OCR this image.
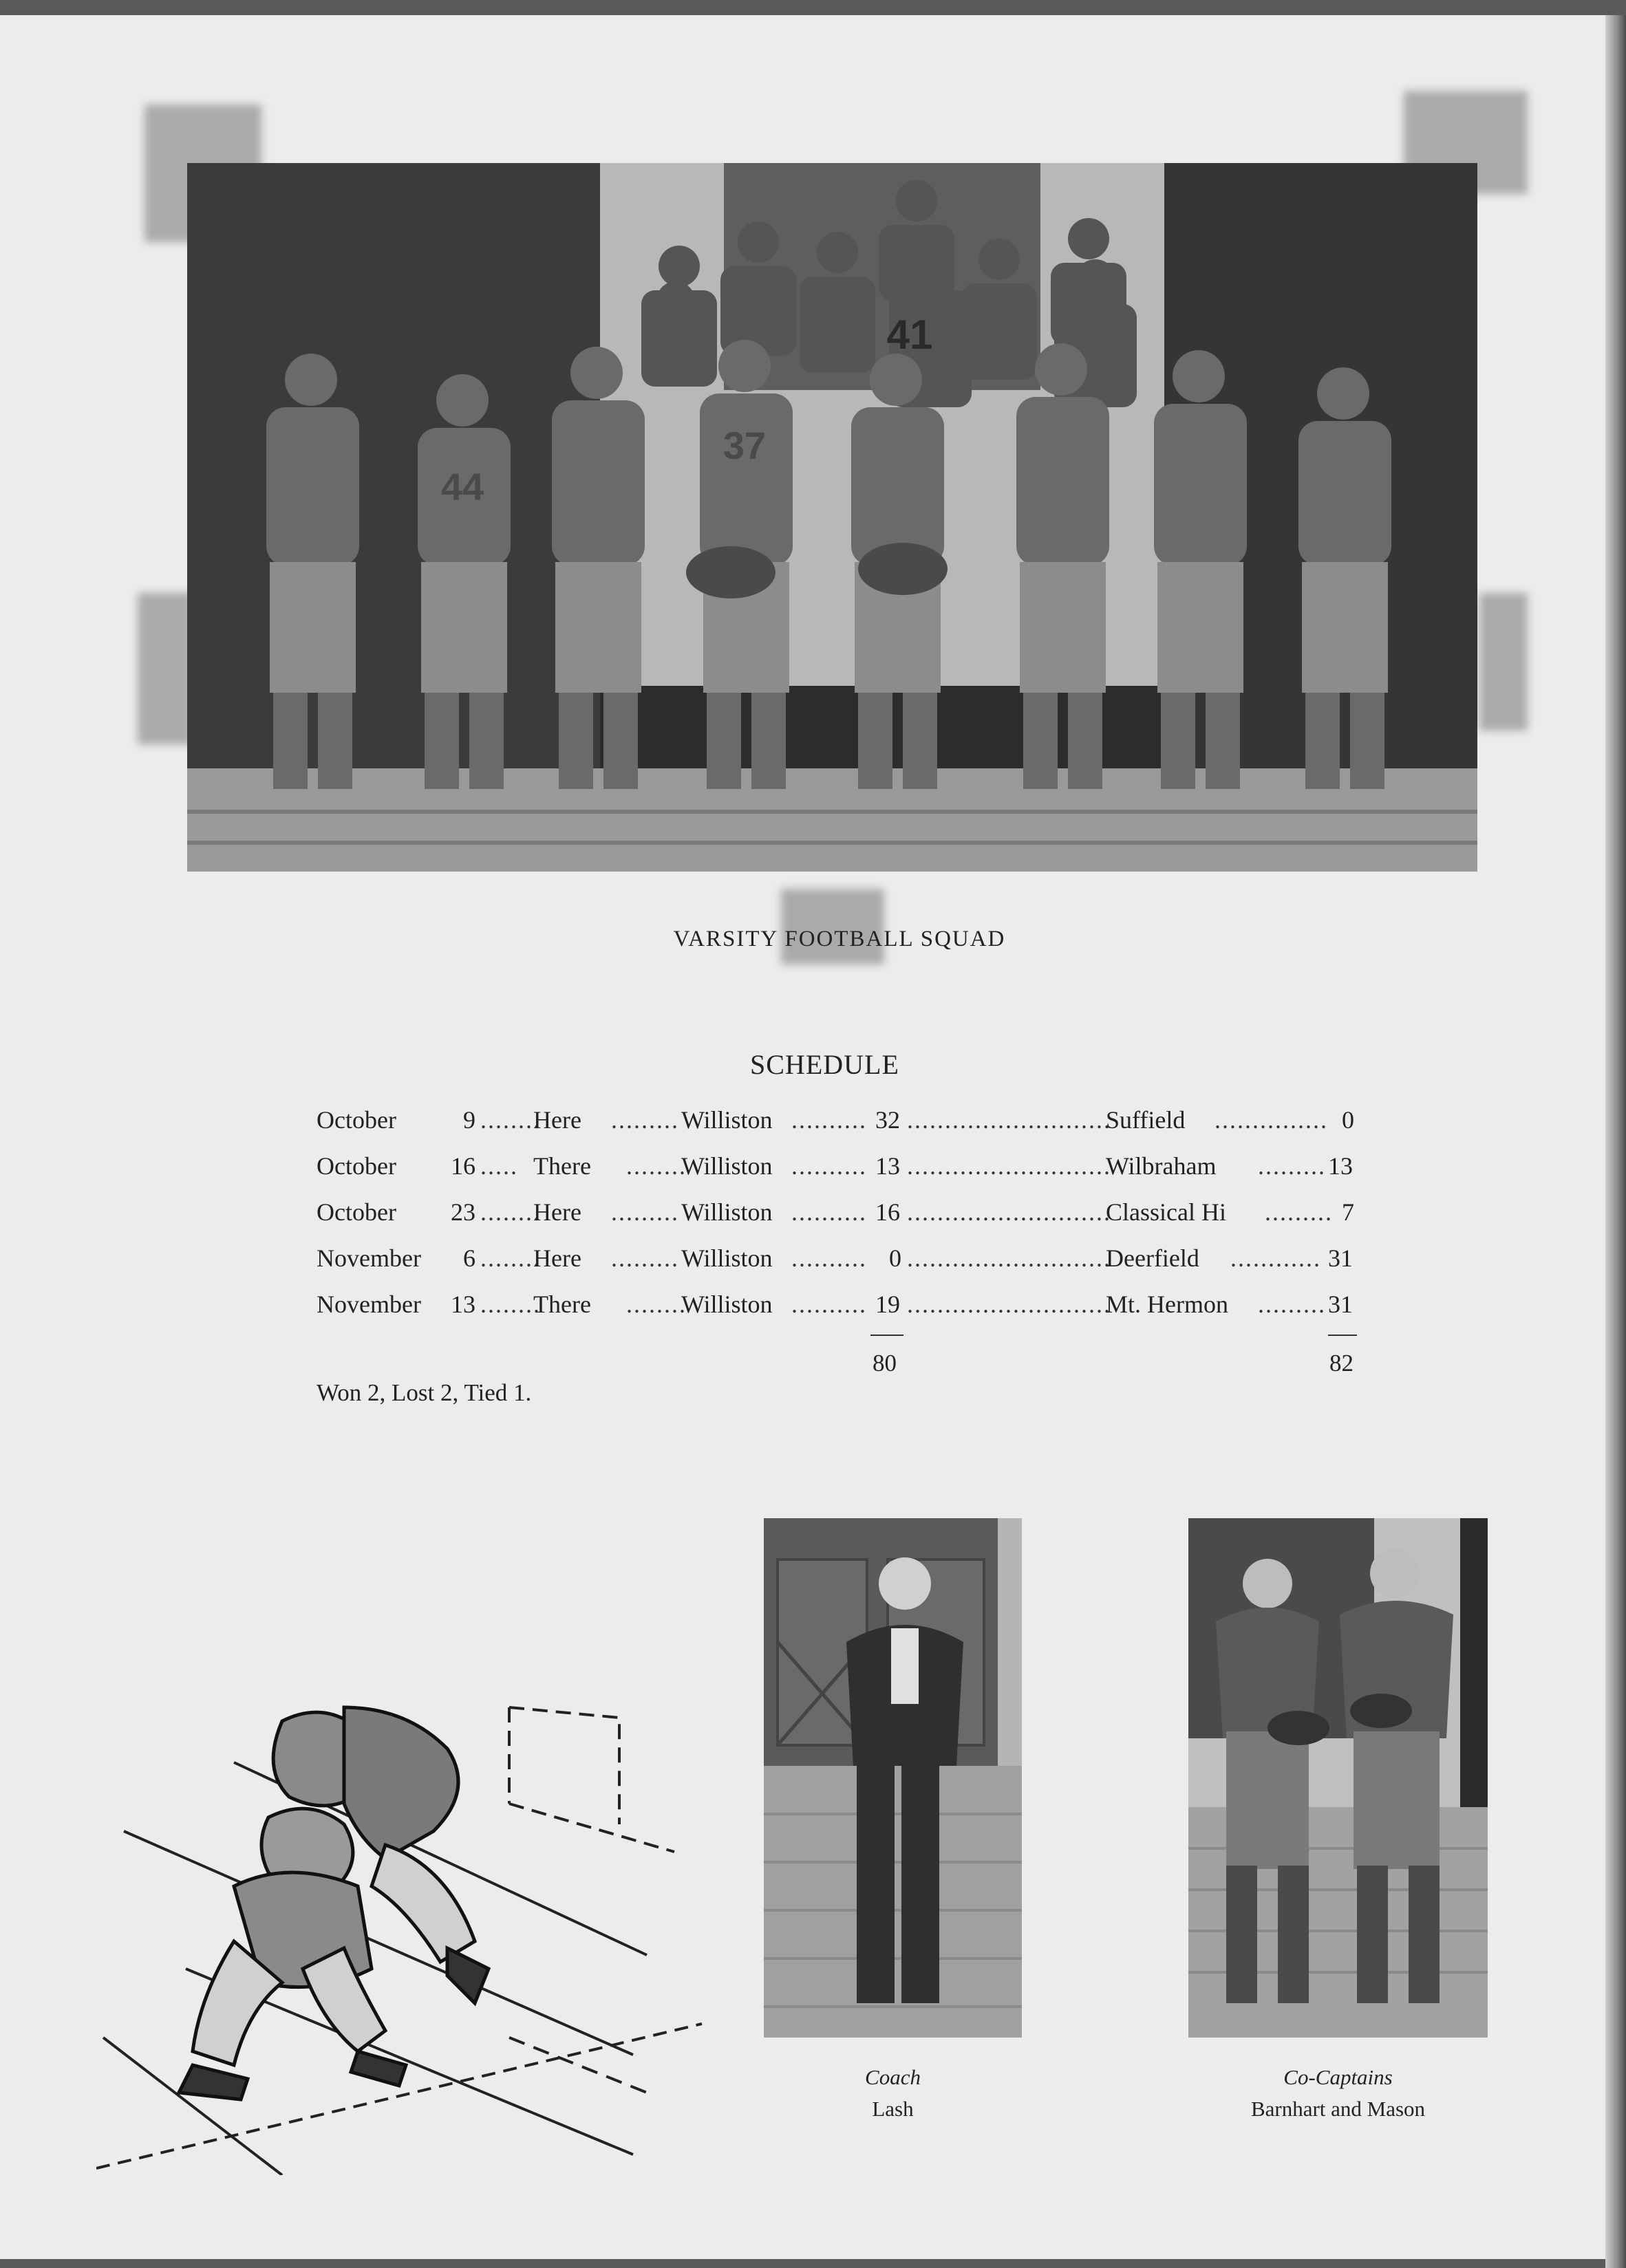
41
44
37
VARSITY FOOTBALL SQUAD
SCHEDULE
October	9 ........
Here ......... Williston .......... 32 ...........................
Suffield ............... 0
October 16 ..... There ........
Williston .......... 13 ...........................
Wilbraham ......... 13
October 23 ........
Here ......... Williston .......... 16 ...........................
Classical Hi ......... 7
November 6 ........
Here ......... Williston .......... 0 ...........................
Deerfield ............ 31
November 13 ........
There ........
Williston .......... 19 ...........................
Mt. Hermon ......... 31
80	82
Won 2, Lost 2, Tied 1.
Coach
Lash
Co-Captains
Barnhart and Mason
